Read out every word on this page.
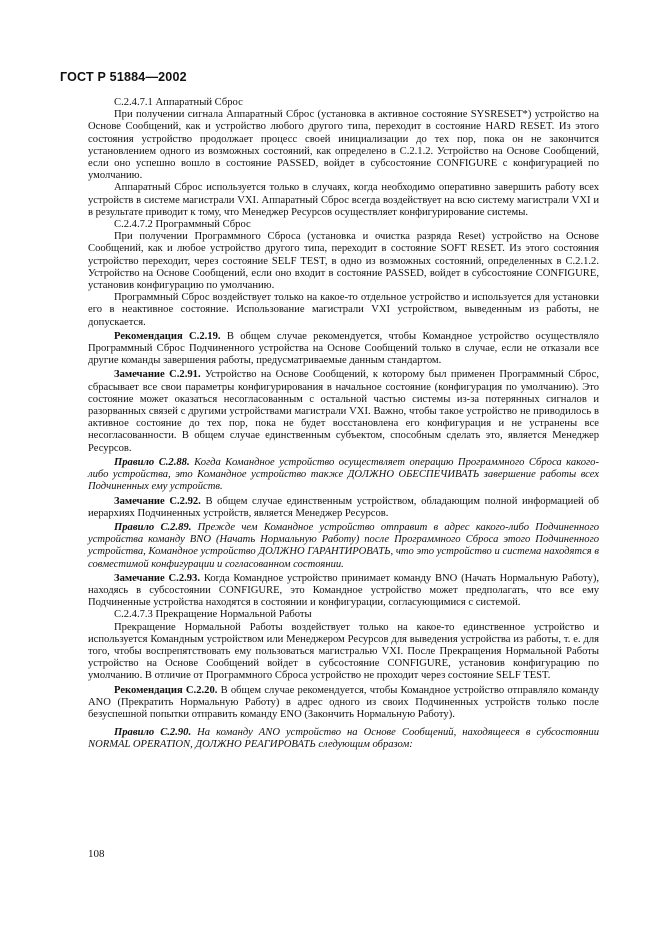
ГОСТ Р 51884—2002

С.2.4.7.1 Аппаратный Сброс

При получении сигнала Аппаратный Сброс (установка в активное состояние SYSRESET*) устройство на Основе Сообщений, как и устройство любого другого типа, переходит в состояние HARD RESET. Из этого состояния устройство продолжает процесс своей инициализации до тех пор, пока он не закончится установлением одного из возможных состояний, как определено в С.2.1.2. Устройство на Основе Сообщений, если оно успешно вошло в состояние PASSED, войдет в субсостояние CONFIGURE с конфигурацией по умолчанию.

Аппаратный Сброс используется только в случаях, когда необходимо оперативно завершить работу всех устройств в системе магистрали VXI. Аппаратный Сброс всегда воздействует на всю систему магистрали VXI и в результате приводит к тому, что Менеджер Ресурсов осуществляет конфигурирование системы.

С.2.4.7.2 Программный Сброс

При получении Программного Сброса (установка и очистка разряда Reset) устройство на Основе Сообщений, как и любое устройство другого типа, переходит в состояние SOFT RESET. Из этого состояния устройство переходит, через состояние SELF TEST, в одно из возможных состояний, определенных в С.2.1.2. Устройство на Основе Сообщений, если оно входит в состояние PASSED, войдет в субсостояние CONFIGURE, установив конфигурацию по умолчанию.

Программный Сброс воздействует только на какое-то отдельное устройство и используется для установки его в неактивное состояние. Использование магистрали VXI устройством, выведенным из работы, не допускается.

Рекомендация С.2.19. В общем случае рекомендуется, чтобы Командное устройство осуществляло Программный Сброс Подчиненного устройства на Основе Сообщений только в случае, если не отказали все другие команды завершения работы, предусматриваемые данным стандартом.

Замечание С.2.91. Устройство на Основе Сообщений, к которому был применен Программный Сброс, сбрасывает все свои параметры конфигурирования в начальное состояние (конфигурация по умолчанию). Это состояние может оказаться несогласованным с остальной частью системы из-за потерянных сигналов и разорванных связей с другими устройствами магистрали VXI. Важно, чтобы такое устройство не приводилось в активное состояние до тех пор, пока не будет восстановлена его конфигурация и не устранены все несогласованности. В общем случае единственным субъектом, способным сделать это, является Менеджер Ресурсов.

Правило С.2.88. Когда Командное устройство осуществляет операцию Программного Сброса какого-либо устройства, это Командное устройство также ДОЛЖНО ОБЕСПЕЧИВАТЬ завершение работы всех Подчиненных ему устройств.

Замечание С.2.92. В общем случае единственным устройством, обладающим полной информацией об иерархиях Подчиненных устройств, является Менеджер Ресурсов.

Правило С.2.89. Прежде чем Командное устройство отправит в адрес какого-либо Подчиненного устройства команду BNO (Начать Нормальную Работу) после Программного Сброса этого Подчиненного устройства, Командное устройство ДОЛЖНО ГАРАНТИРОВАТЬ, что это устройство и система находятся в совместимой конфигурации и согласованном состоянии.

Замечание С.2.93. Когда Командное устройство принимает команду BNO (Начать Нормальную Работу), находясь в субсостоянии CONFIGURE, это Командное устройство может предполагать, что все ему Подчиненные устройства находятся в состоянии и конфигурации, согласующимися с системой.

С.2.4.7.3 Прекращение Нормальной Работы

Прекращение Нормальной Работы воздействует только на какое-то единственное устройство и используется Командным устройством или Менеджером Ресурсов для выведения устройства из работы, т. е. для того, чтобы воспрепятствовать ему пользоваться магистралью VXI. После Прекращения Нормальной Работы устройство на Основе Сообщений войдет в субсостояние CONFIGURE, установив конфигурацию по умолчанию. В отличие от Программного Сброса устройство не проходит через состояние SELF TEST.

Рекомендация С.2.20. В общем случае рекомендуется, чтобы Командное устройство отправляло команду ANO (Прекратить Нормальную Работу) в адрес одного из своих Подчиненных устройств только после безуспешной попытки отправить команду ENO (Закончить Нормальную Работу).

Правило С.2.90. На команду ANO устройство на Основе Сообщений, находящееся в субсостоянии NORMAL OPERATION, ДОЛЖНО РЕАГИРОВАТЬ следующим образом:

108
